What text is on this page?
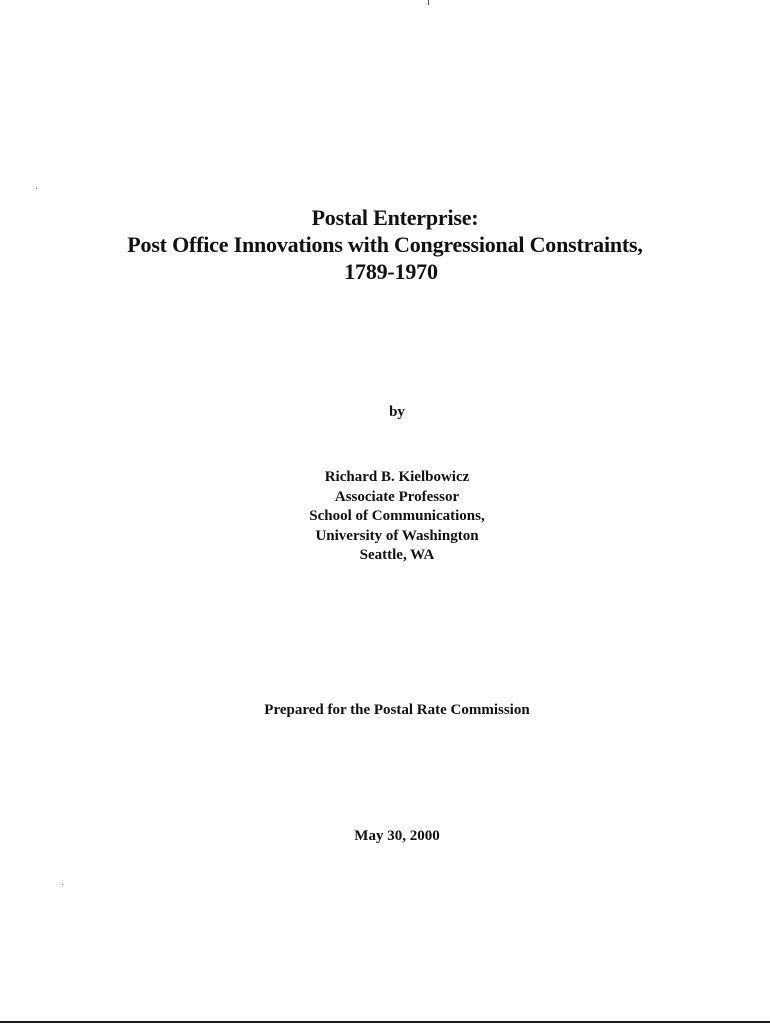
Postal Enterprise:
Post Office Innovations with Congressional Constraints,
1789-1970
by
Richard B. Kielbowicz
Associate Professor
School of Communications,
University of Washington
Seattle, WA
Prepared for the Postal Rate Commission
May 30, 2000
